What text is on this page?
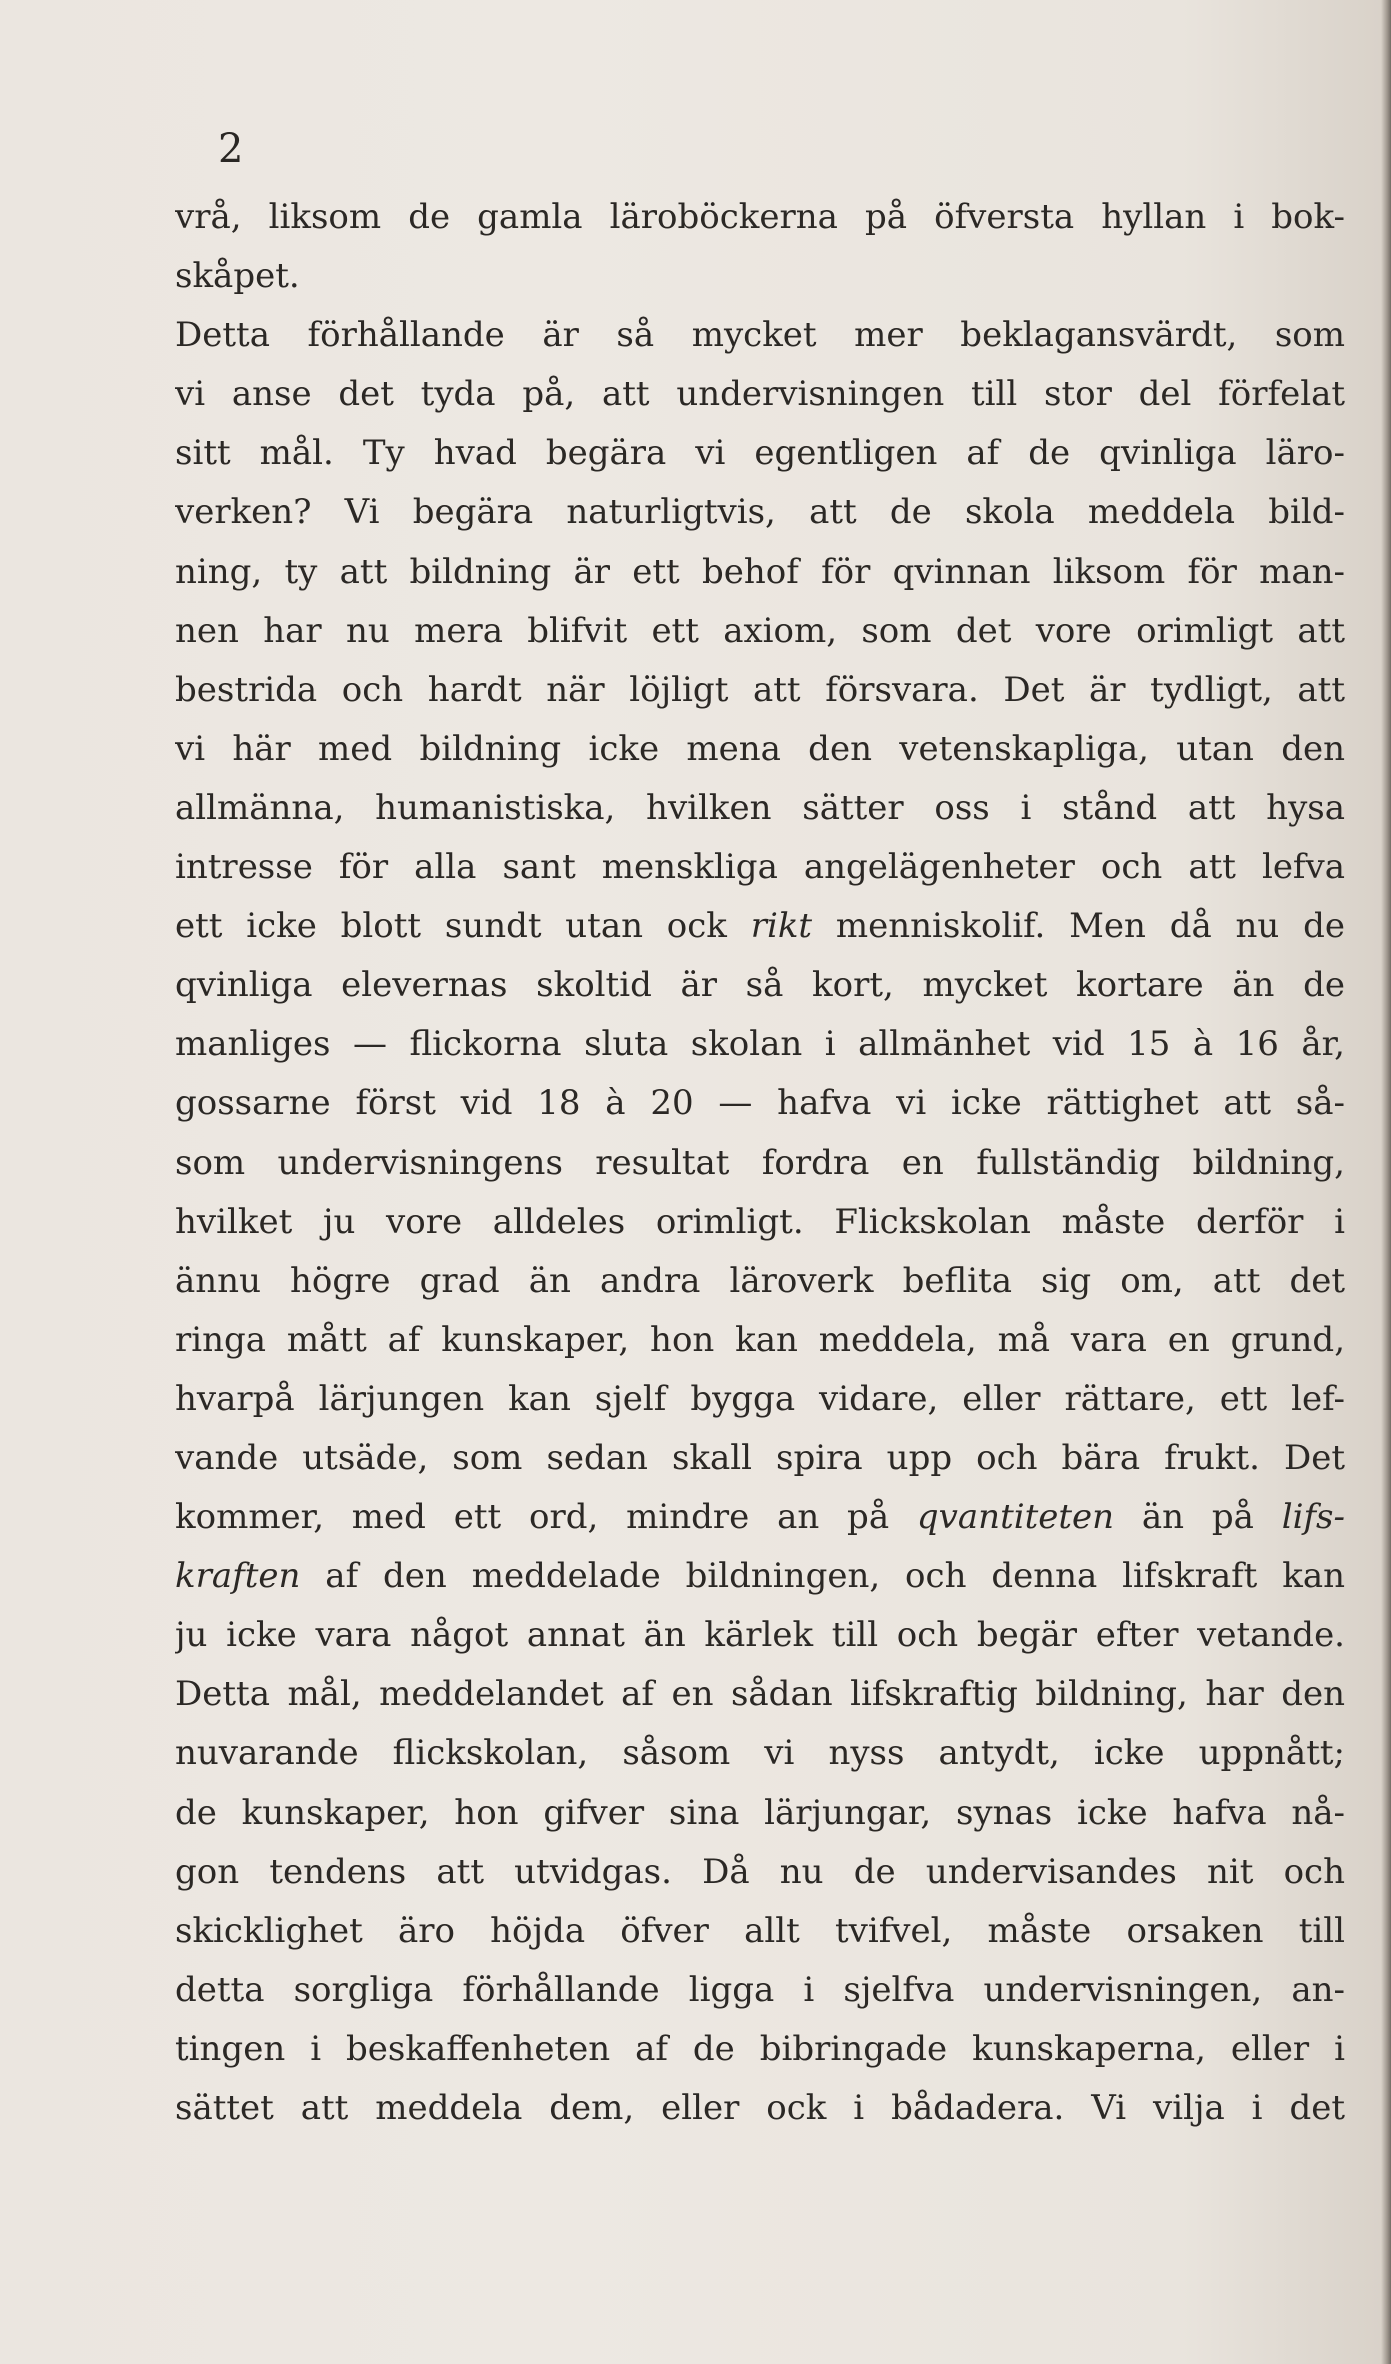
2
vrå, liksom de gamla läroböckerna på öfversta hyllan i bok-
skåpet.
Detta förhållande är så mycket mer beklagansvärdt, som
vi anse det tyda på, att undervisningen till stor del förfelat
sitt mål. Ty hvad begära vi egentligen af de qvinliga läro-
verken? Vi begära naturligtvis, att de skola meddela bild-
ning, ty att bildning är ett behof för qvinnan liksom för man-
nen har nu mera blifvit ett axiom, som det vore orimligt att
bestrida och hardt när löjligt att försvara. Det är tydligt, att
vi här med bildning icke mena den vetenskapliga, utan den
allmänna, humanistiska, hvilken sätter oss i stånd att hysa
intresse för alla sant menskliga angelägenheter och att lefva
ett icke blott sundt utan ock rikt menniskolif. Men då nu de
qvinliga elevernas skoltid är så kort, mycket kortare än de
manliges — flickorna sluta skolan i allmänhet vid 15 à 16 år,
gossarne först vid 18 à 20 — hafva vi icke rättighet att så-
som undervisningens resultat fordra en fullständig bildning,
hvilket ju vore alldeles orimligt. Flickskolan måste derför i
ännu högre grad än andra läroverk beflita sig om, att det
ringa mått af kunskaper, hon kan meddela, må vara en grund,
hvarpå lärjungen kan sjelf bygga vidare, eller rättare, ett lef-
vande utsäde, som sedan skall spira upp och bära frukt. Det
kommer, med ett ord, mindre an på qvantiteten än på lifs-
kraften af den meddelade bildningen, och denna lifskraft kan
ju icke vara något annat än kärlek till och begär efter vetande.
Detta mål, meddelandet af en sådan lifskraftig bildning, har den
nuvarande flickskolan, såsom vi nyss antydt, icke uppnått;
de kunskaper, hon gifver sina lärjungar, synas icke hafva nå-
gon tendens att utvidgas. Då nu de undervisandes nit och
skicklighet äro höjda öfver allt tvifvel, måste orsaken till
detta sorgliga förhållande ligga i sjelfva undervisningen, an-
tingen i beskaffenheten af de bibringade kunskaperna, eller i
sättet att meddela dem, eller ock i bådadera. Vi vilja i det
